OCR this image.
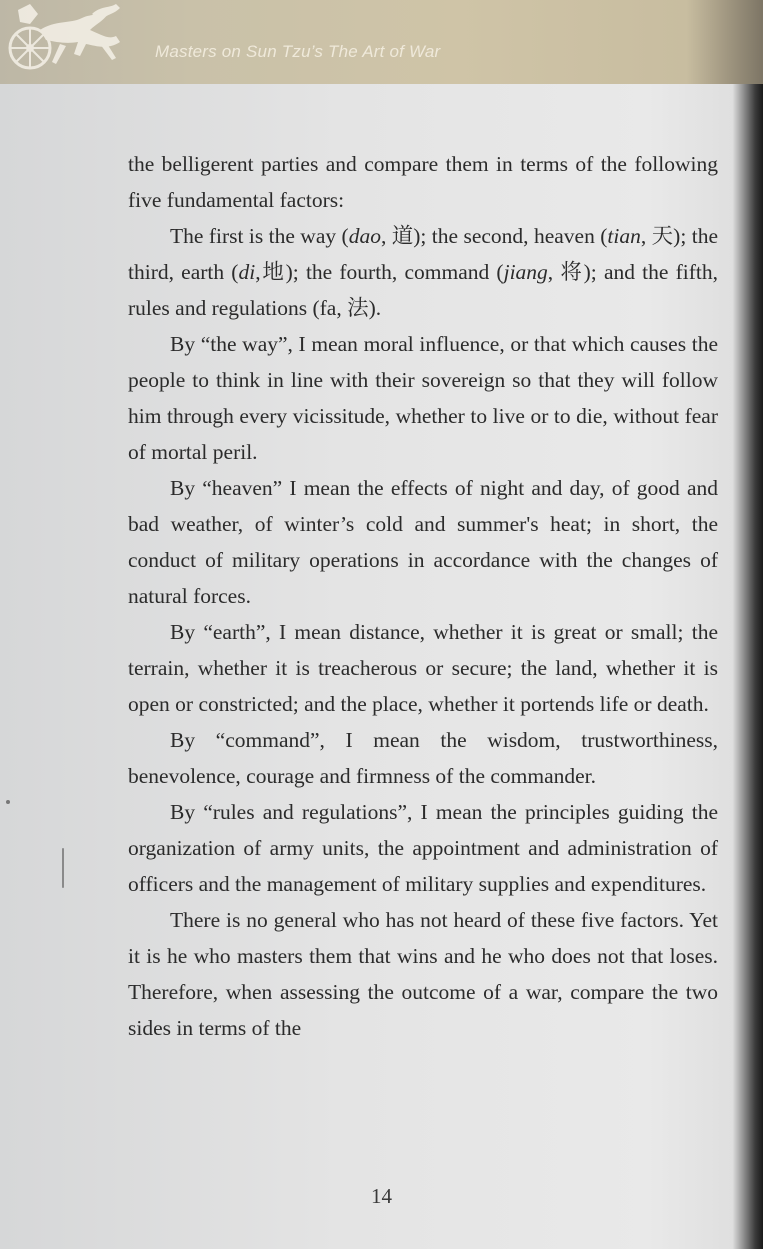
Masters on Sun Tzu’s The Art of War

the belligerent parties and compare them in terms of the following five fundamental factors:

The first is the way (dao, 道); the second, heaven (tian, 天); the third, earth (di,地); the fourth, command (jiang, 将); and the fifth, rules and regulations (fa, 法).

By “the way”, I mean moral influence, or that which causes the people to think in line with their sovereign so that they will follow him through every vicissitude, whether to live or to die, without fear of mortal peril.

By “heaven” I mean the effects of night and day, of good and bad weather, of winter’s cold and summer's heat; in short, the conduct of military operations in accordance with the changes of natural forces.

By “earth”, I mean distance, whether it is great or small; the terrain, whether it is treacherous or secure; the land, whether it is open or constricted; and the place, whether it portends life or death.

By “command”, I mean the wisdom, trustworthiness, benevolence, courage and firmness of the commander.

By “rules and regulations”, I mean the principles guiding the organization of army units, the appointment and administration of officers and the management of military supplies and expenditures.

There is no general who has not heard of these five factors. Yet it is he who masters them that wins and he who does not that loses. Therefore, when assessing the outcome of a war, compare the two sides in terms of the

14
